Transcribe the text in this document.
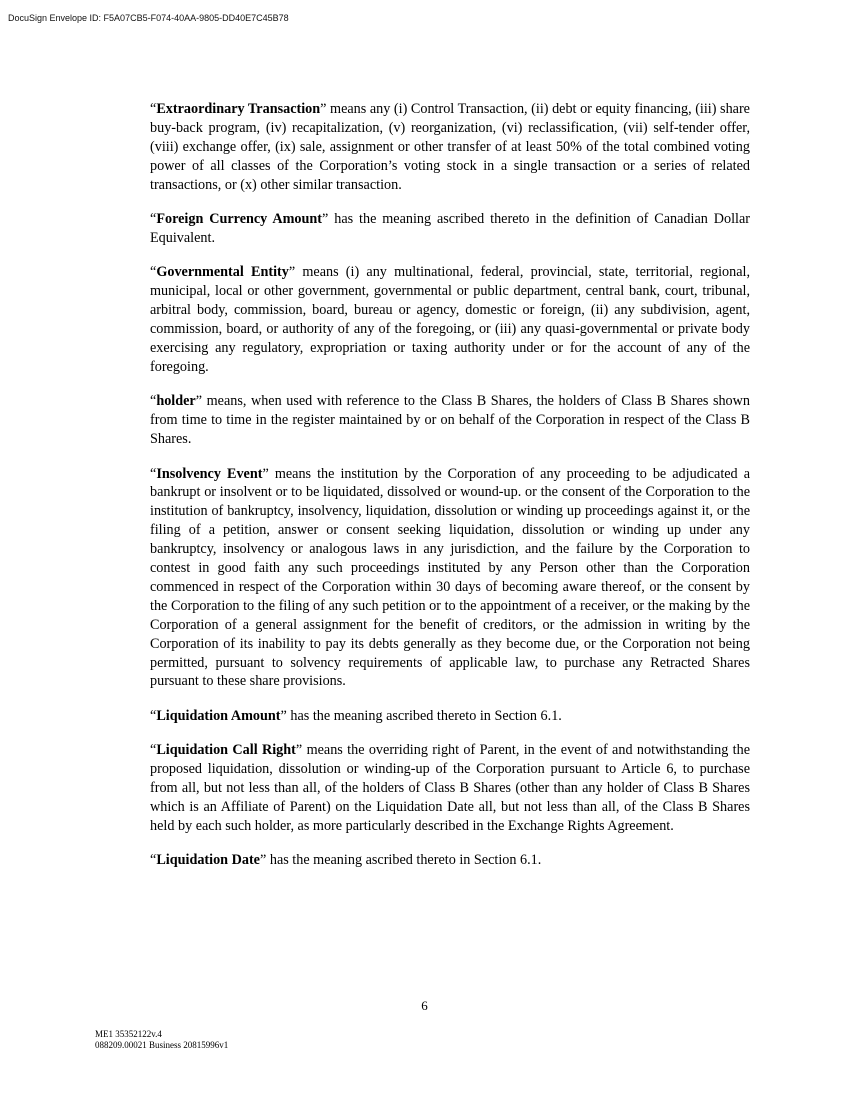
DocuSign Envelope ID: F5A07CB5-F074-40AA-9805-DD40E7C45B78

“Extraordinary Transaction” means any (i) Control Transaction, (ii) debt or equity financing, (iii) share buy-back program, (iv) recapitalization, (v) reorganization, (vi) reclassification, (vii) self-tender offer, (viii) exchange offer, (ix) sale, assignment or other transfer of at least 50% of the total combined voting power of all classes of the Corporation’s voting stock in a single transaction or a series of related transactions, or (x) other similar transaction.

“Foreign Currency Amount” has the meaning ascribed thereto in the definition of Canadian Dollar Equivalent.

“Governmental Entity” means (i) any multinational, federal, provincial, state, territorial, regional, municipal, local or other government, governmental or public department, central bank, court, tribunal, arbitral body, commission, board, bureau or agency, domestic or foreign, (ii) any subdivision, agent, commission, board, or authority of any of the foregoing, or (iii) any quasi-governmental or private body exercising any regulatory, expropriation or taxing authority under or for the account of any of the foregoing.

“holder” means, when used with reference to the Class B Shares, the holders of Class B Shares shown from time to time in the register maintained by or on behalf of the Corporation in respect of the Class B Shares.

“Insolvency Event” means the institution by the Corporation of any proceeding to be adjudicated a bankrupt or insolvent or to be liquidated, dissolved or wound-up. or the consent of the Corporation to the institution of bankruptcy, insolvency, liquidation, dissolution or winding up proceedings against it, or the filing of a petition, answer or consent seeking liquidation, dissolution or winding up under any bankruptcy, insolvency or analogous laws in any jurisdiction, and the failure by the Corporation to contest in good faith any such proceedings instituted by any Person other than the Corporation commenced in respect of the Corporation within 30 days of becoming aware thereof, or the consent by the Corporation to the filing of any such petition or to the appointment of a receiver, or the making by the Corporation of a general assignment for the benefit of creditors, or the admission in writing by the Corporation of its inability to pay its debts generally as they become due, or the Corporation not being permitted, pursuant to solvency requirements of applicable law, to purchase any Retracted Shares pursuant to these share provisions.

“Liquidation Amount” has the meaning ascribed thereto in Section 6.1.

“Liquidation Call Right” means the overriding right of Parent, in the event of and notwithstanding the proposed liquidation, dissolution or winding-up of the Corporation pursuant to Article 6, to purchase from all, but not less than all, of the holders of Class B Shares (other than any holder of Class B Shares which is an Affiliate of Parent) on the Liquidation Date all, but not less than all, of the Class B Shares held by each such holder, as more particularly described in the Exchange Rights Agreement.

“Liquidation Date” has the meaning ascribed thereto in Section 6.1.

6
ME1 35352122v.4
088209.00021 Business 20815996v1
